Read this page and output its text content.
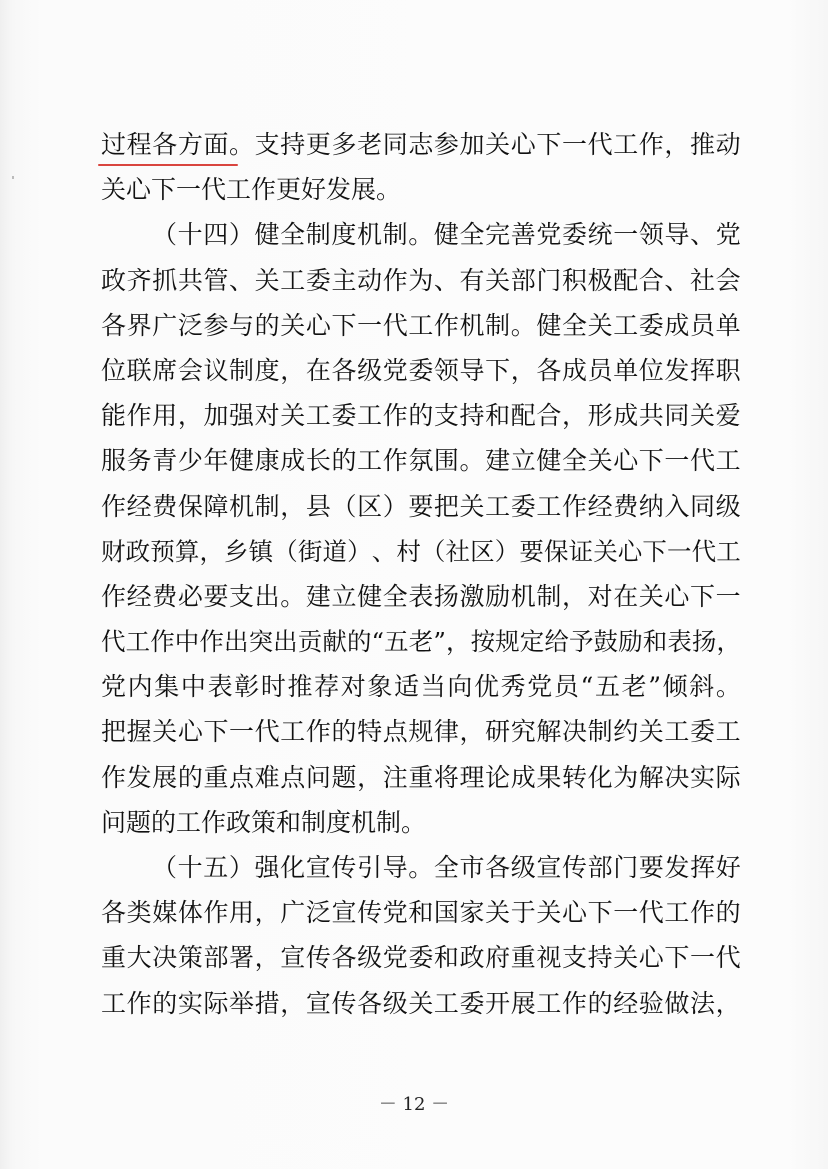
过 程 各 方 面 。 支 持 更 多 老 同 志 参 加 关 心 下 一 代 工 作 ， 推 动
关心下一代工作更好发展。
（ 十 四 ） 健 全 制 度 机 制 。 健 全 完 善 党 委 统 一 领 导 、 党
政 齐 抓 共 管 、 关 工 委 主 动 作 为 、 有 关 部 门 积 极 配 合 、 社 会
各 界 广 泛 参 与 的 关 心 下 一 代 工 作 机 制 。 健 全 关 工 委 成 员 单
位 联 席 会 议 制 度 ， 在 各 级 党 委 领 导 下 ， 各 成 员 单 位 发 挥 职
能 作 用 ， 加 强 对 关 工 委 工 作 的 支 持 和 配 合 ， 形 成 共 同 关 爱
服 务 青 少 年 健 康 成 长 的 工 作 氛 围 。 建 立 健 全 关 心 下 一 代 工
作 经 费 保 障 机 制 ， 县 （ 区 ） 要 把 关 工 委 工 作 经 费 纳 入 同 级
财 政 预 算 ， 乡 镇 （ 街 道 ） 、 村 （ 社 区 ） 要 保 证 关 心 下 一 代 工
作 经 费 必 要 支 出 。 建 立 健 全 表 扬 激 励 机 制 ， 对 在 关 心 下 一
代 工 作 中 作 出 突 出 贡 献 的 “ 五 老 ” ， 按 规 定 给 予 鼓 励 和 表 扬 ，
党 内 集 中 表 彰 时 推 荐 对 象 适 当 向 优 秀 党 员 “ 五 老 ” 倾 斜 。
把 握 关 心 下 一 代 工 作 的 特 点 规 律 ， 研 究 解 决 制 约 关 工 委 工
作 发 展 的 重 点 难 点 问 题 ， 注 重 将 理 论 成 果 转 化 为 解 决 实 际
问题的工作政策和制度机制。
（ 十 五 ） 强 化 宣 传 引 导 。 全 市 各 级 宣 传 部 门 要 发 挥 好
各 类 媒 体 作 用 ， 广 泛 宣 传 党 和 国 家 关 于 关 心 下 一 代 工 作 的
重 大 决 策 部 署 ， 宣 传 各 级 党 委 和 政 府 重 视 支 持 关 心 下 一 代
工 作 的 实 际 举 措 ， 宣 传 各 级 关 工 委 开 展 工 作 的 经 验 做 法 ，
－ 12 －
